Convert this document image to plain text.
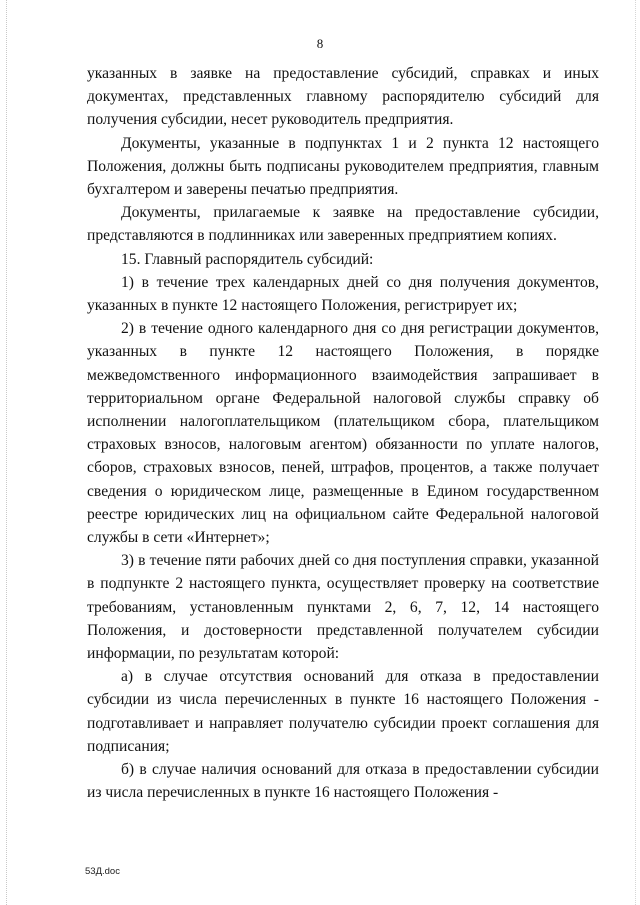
8

указанных в заявке на предоставление субсидий, справках и иных документах, представленных главному распорядителю субсидий для получения субсидии, несет руководитель предприятия.

Документы, указанные в подпунктах 1 и 2 пункта 12 настоящего Положения, должны быть подписаны руководителем предприятия, главным бухгалтером и заверены печатью предприятия.

Документы, прилагаемые к заявке на предоставление субсидии, представляются в подлинниках или заверенных предприятием копиях.

15. Главный распорядитель субсидий:

1) в течение трех календарных дней со дня получения документов, указанных в пункте 12 настоящего Положения, регистрирует их;

2) в течение одного календарного дня со дня регистрации документов, указанных в пункте 12 настоящего Положения, в порядке межведомственного информационного взаимодействия запрашивает в территориальном органе Федеральной налоговой службы справку об исполнении налогоплательщиком (плательщиком сбора, плательщиком страховых взносов, налоговым агентом) обязанности по уплате налогов, сборов, страховых взносов, пеней, штрафов, процентов, а также получает сведения о юридическом лице, размещенные в Едином государственном реестре юридических лиц на официальном сайте Федеральной налоговой службы в сети «Интернет»;

3) в течение пяти рабочих дней со дня поступления справки, указанной в подпункте 2 настоящего пункта, осуществляет проверку на соответствие требованиям, установленным пунктами 2, 6, 7, 12, 14 настоящего Положения, и достоверности представленной получателем субсидии информации, по результатам которой:

а) в случае отсутствия оснований для отказа в предоставлении субсидии из числа перечисленных в пункте 16 настоящего Положения - подготавливает и направляет получателю субсидии проект соглашения для подписания;

б) в случае наличия оснований для отказа в предоставлении субсидии из числа перечисленных в пункте 16 настоящего Положения -

53Д.doc
